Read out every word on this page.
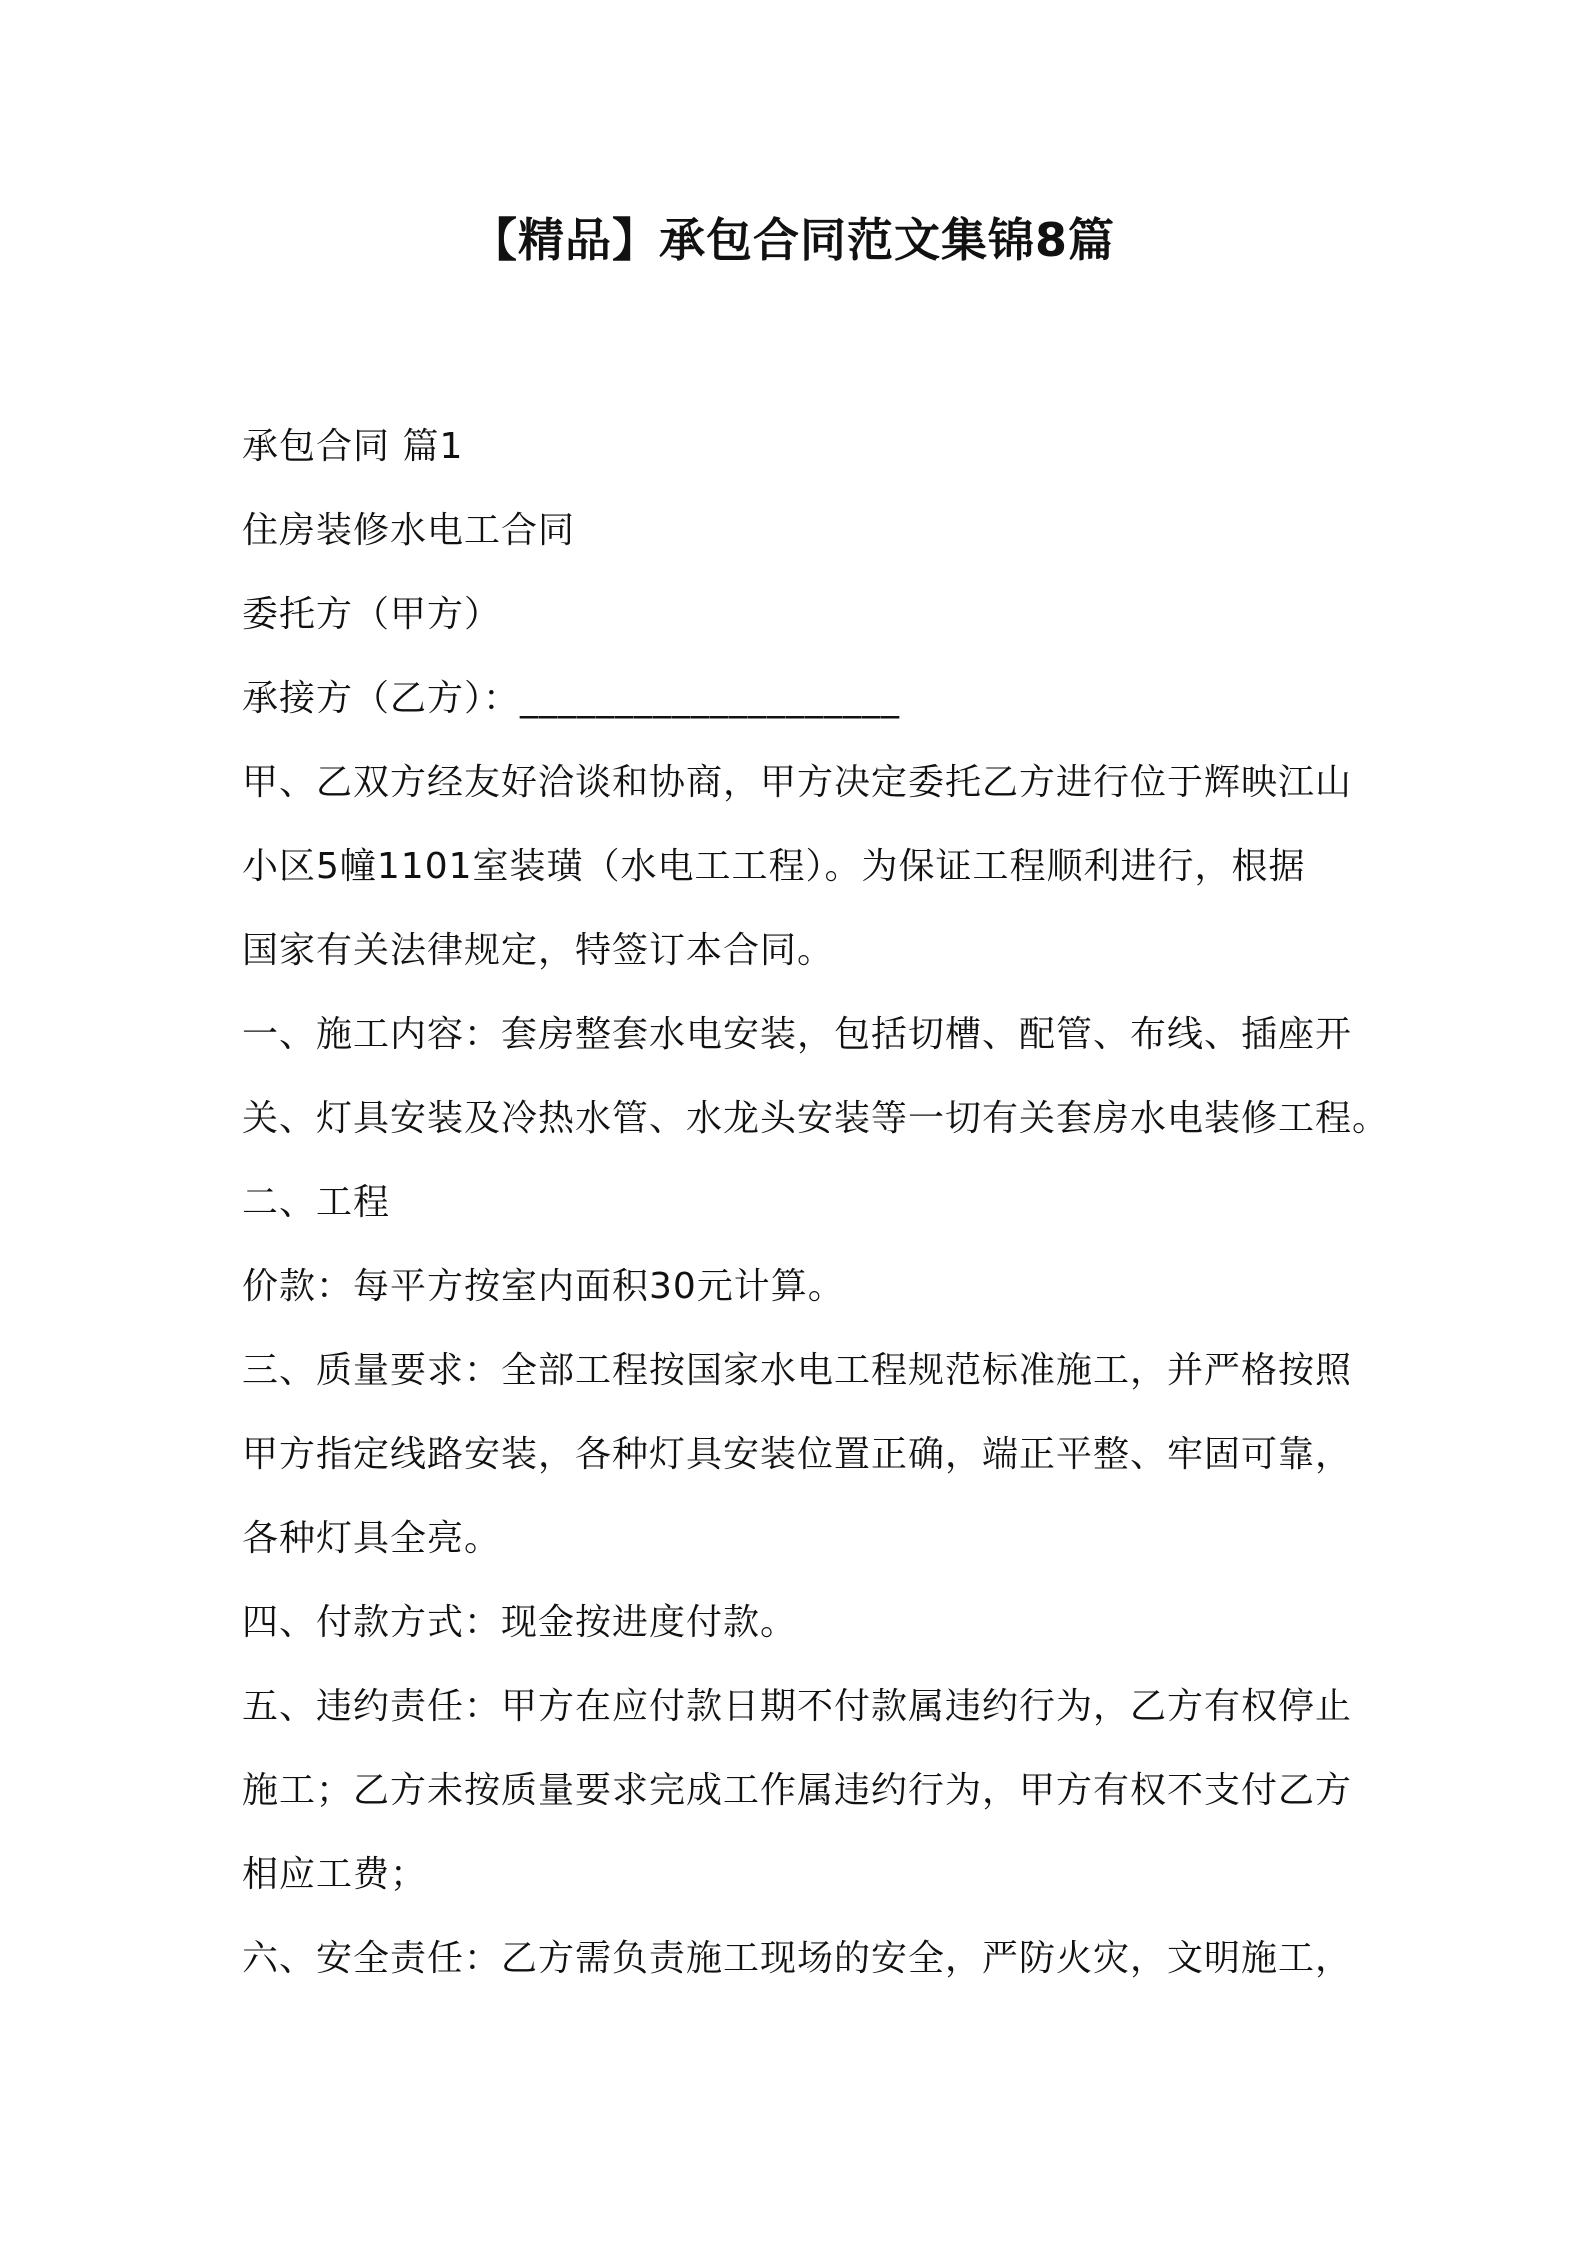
【精品】承包合同范文集锦8篇
承包合同 篇1
住房装修水电工合同
委托方（甲方）
承接方（乙方）：____________________
甲、乙双方经友好洽谈和协商，甲方决定委托乙方进行位于辉映江山
小区5幢1101室装璜（水电工工程）。为保证工程顺利进行，根据
国家有关法律规定，特签订本合同。
一、施工内容：套房整套水电安装，包括切槽、配管、布线、插座开
关、灯具安装及冷热水管、水龙头安装等一切有关套房水电装修工程。
二、工程
价款：每平方按室内面积30元计算。
三、质量要求：全部工程按国家水电工程规范标准施工，并严格按照
甲方指定线路安装，各种灯具安装位置正确，端正平整、牢固可靠，
各种灯具全亮。
四、付款方式：现金按进度付款。
五、违约责任：甲方在应付款日期不付款属违约行为，乙方有权停止
施工；乙方未按质量要求完成工作属违约行为，甲方有权不支付乙方
相应工费；
六、安全责任：乙方需负责施工现场的安全，严防火灾，文明施工，
